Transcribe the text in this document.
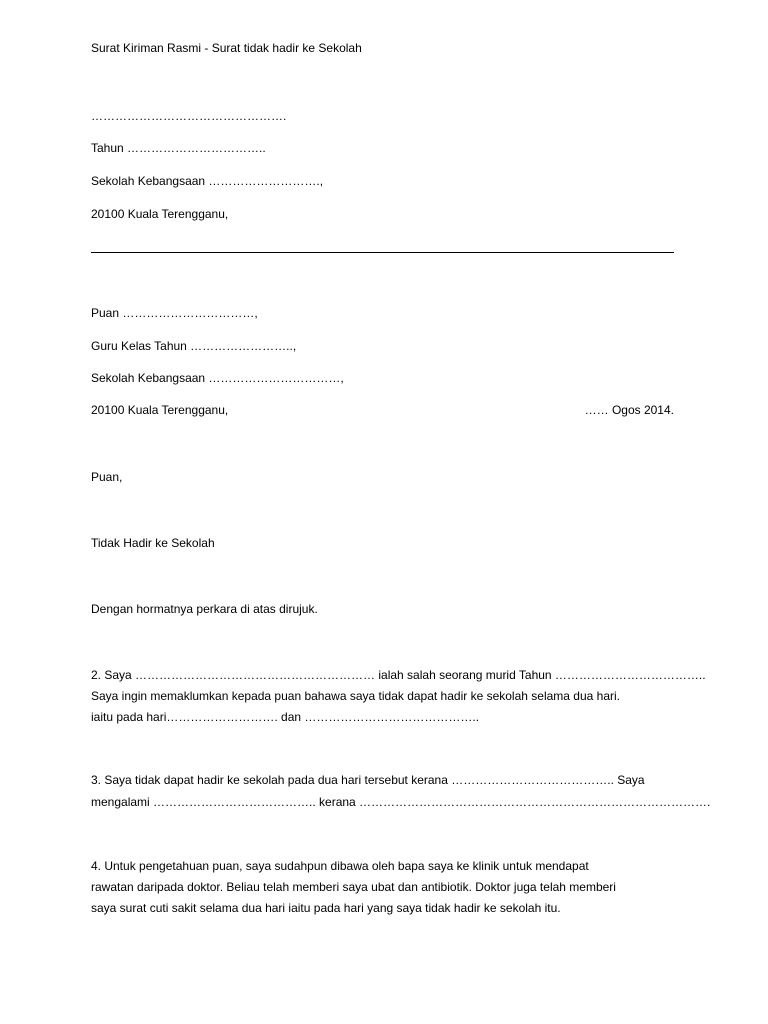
Surat Kiriman Rasmi - Surat tidak hadir ke Sekolah
………………………………………….
Tahun ……………………………..
Sekolah Kebangsaan ……………………….,
20100 Kuala Terengganu,
Puan ……………………………,
Guru Kelas Tahun ……………………..,
Sekolah Kebangsaan ……………………………,
20100 Kuala Terengganu,	…… Ogos 2014.
Puan,
Tidak Hadir ke Sekolah
Dengan hormatnya perkara di atas dirujuk.
2. Saya …………………………………………………… ialah salah seorang murid Tahun ………………………………..
Saya ingin memaklumkan kepada puan bahawa saya tidak dapat hadir ke sekolah selama dua hari.
iaitu pada hari………………………. dan ……………………………………..
3. Saya tidak dapat hadir ke sekolah pada dua hari tersebut kerana ………………………………….. Saya
mengalami ………………………………….. kerana …………………………………………………………………………….
4. Untuk pengetahuan puan, saya sudahpun dibawa oleh bapa saya ke klinik untuk mendapat
rawatan daripada doktor. Beliau telah memberi saya ubat dan antibiotik. Doktor juga telah memberi
saya surat cuti sakit selama dua hari iaitu pada hari yang saya tidak hadir ke sekolah itu.
